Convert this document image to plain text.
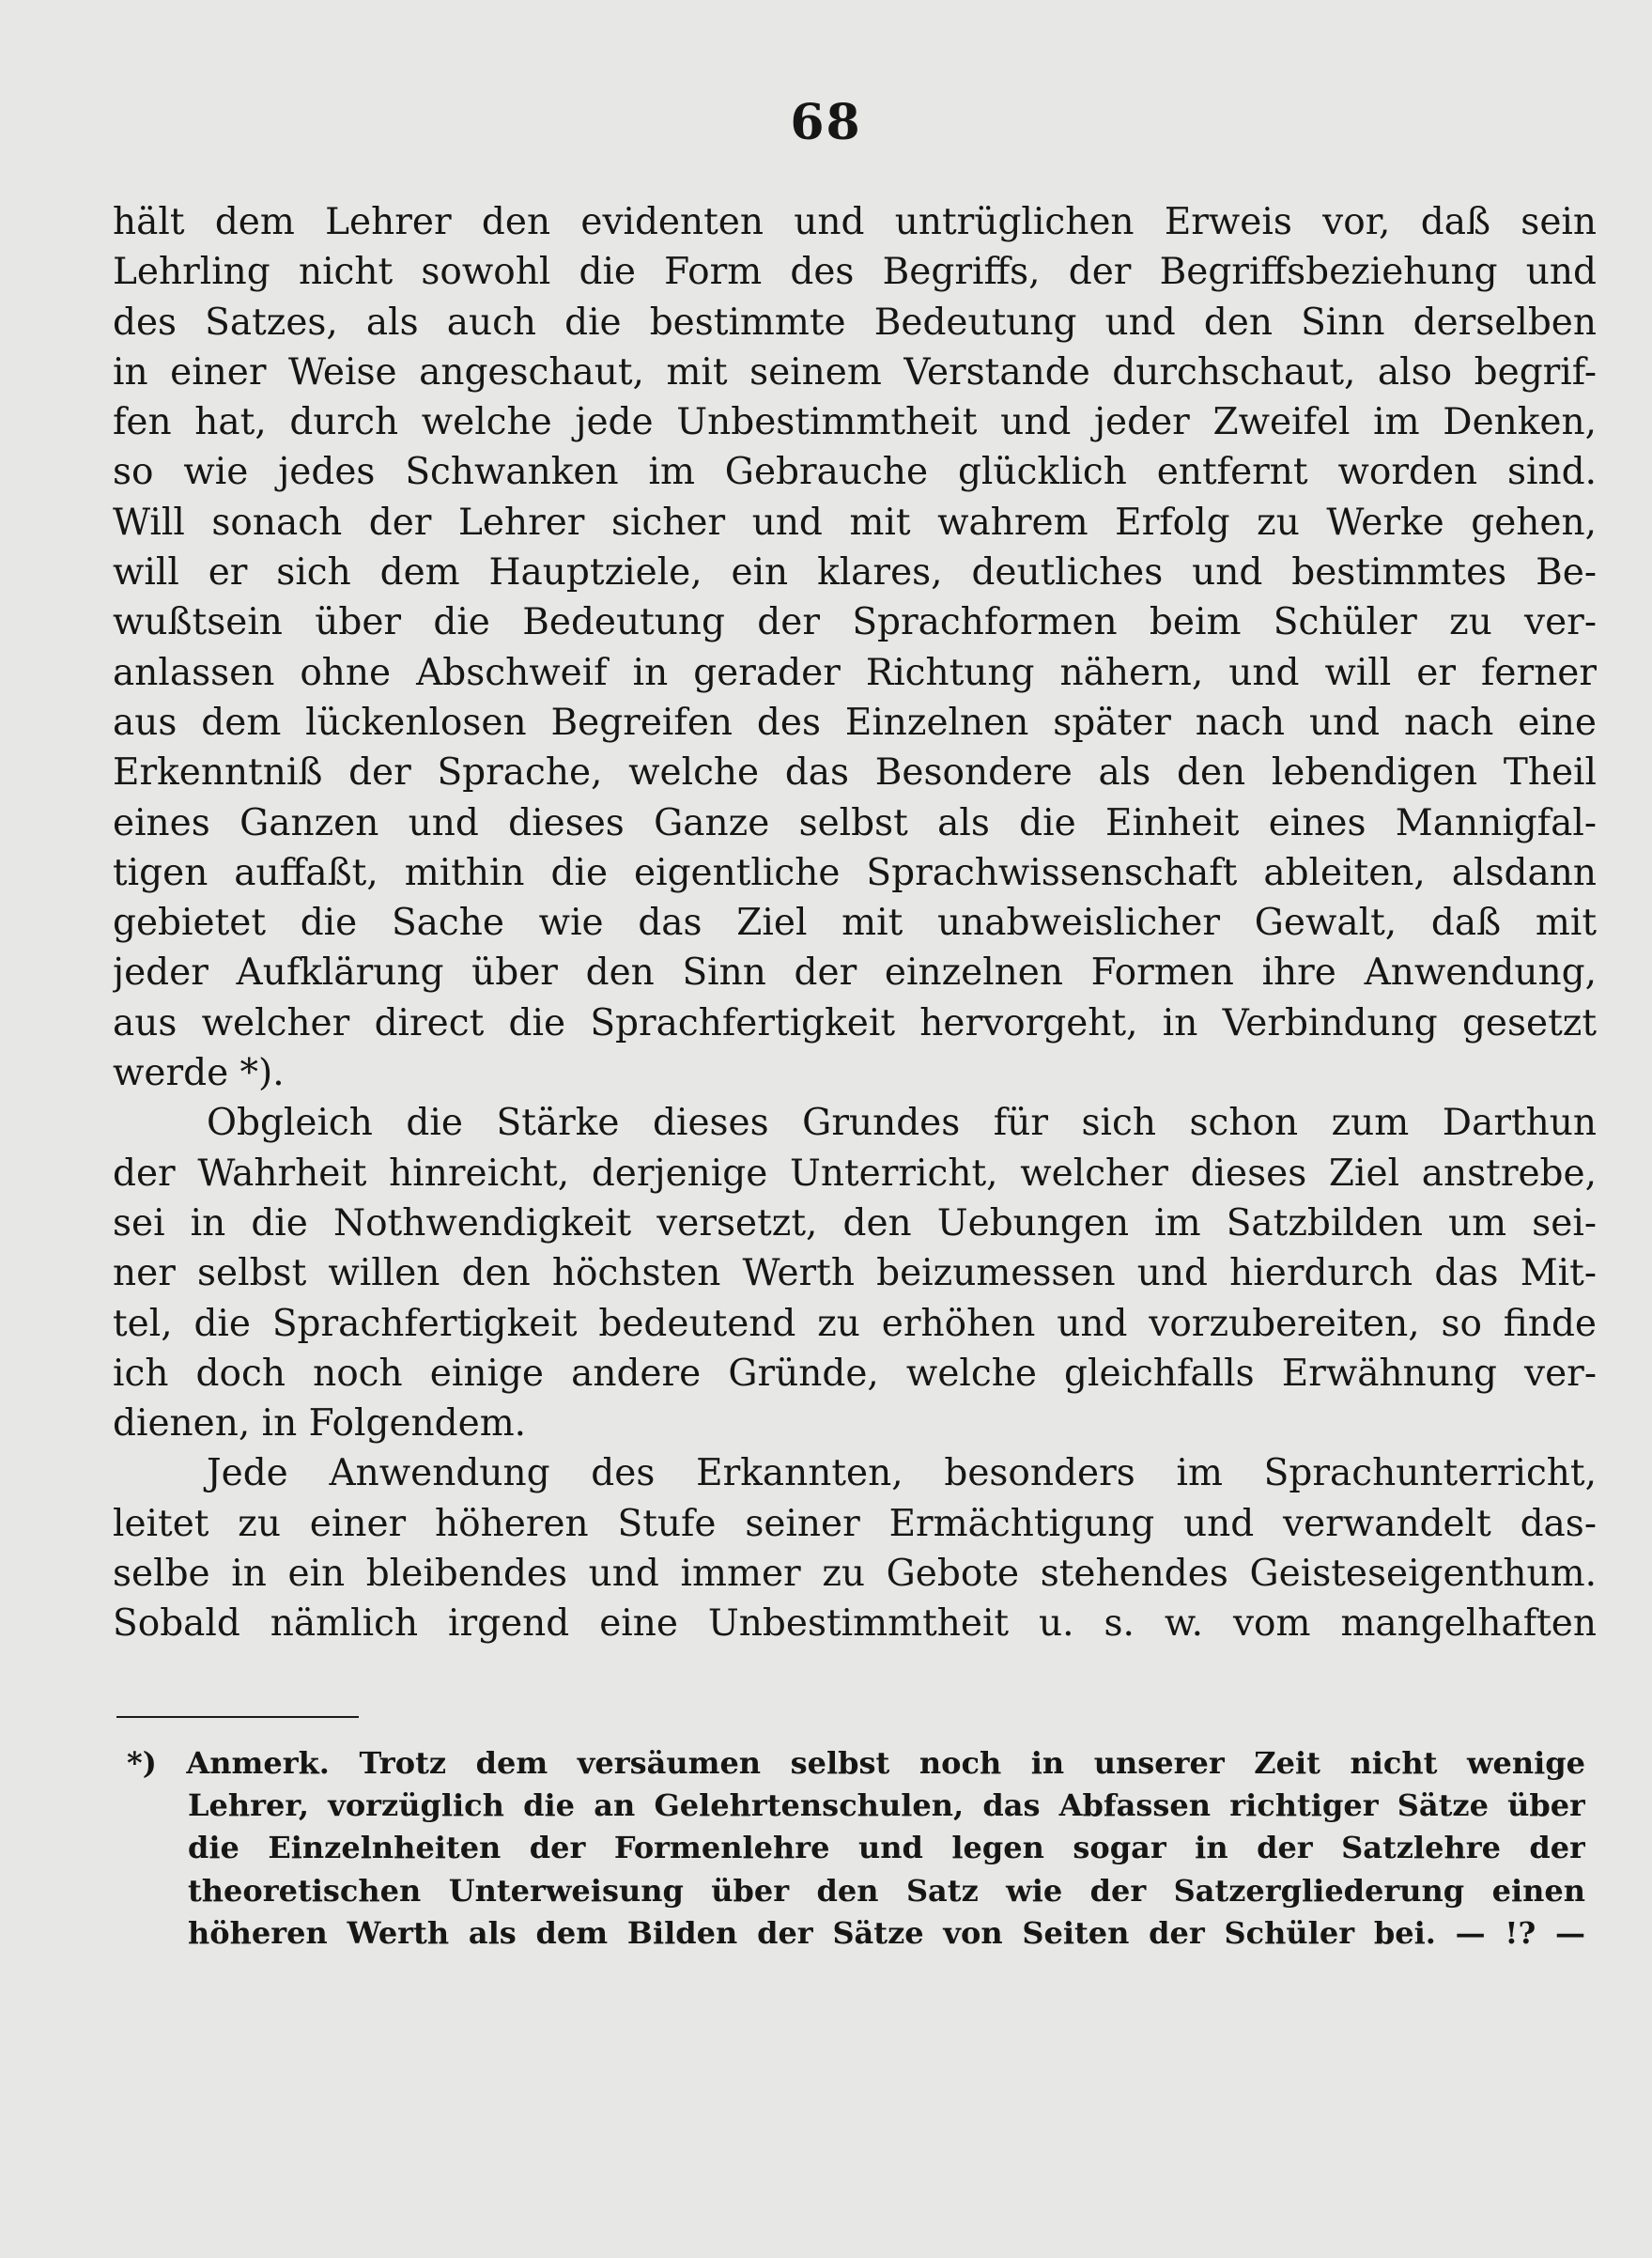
68
hält dem Lehrer den evidenten und untrüglichen Erweis vor, daß sein
Lehrling nicht sowohl die Form des Begriffs, der Begriffsbeziehung und
des Satzes, als auch die bestimmte Bedeutung und den Sinn derselben
in einer Weise angeschaut, mit seinem Verstande durchschaut, also begrif-
fen hat, durch welche jede Unbestimmtheit und jeder Zweifel im Denken,
so wie jedes Schwanken im Gebrauche glücklich entfernt worden sind.
Will sonach der Lehrer sicher und mit wahrem Erfolg zu Werke gehen,
will er sich dem Hauptziele, ein klares, deutliches und bestimmtes Be-
wußtsein über die Bedeutung der Sprachformen beim Schüler zu ver-
anlassen ohne Abschweif in gerader Richtung nähern, und will er ferner
aus dem lückenlosen Begreifen des Einzelnen später nach und nach eine
Erkenntniß der Sprache, welche das Besondere als den lebendigen Theil
eines Ganzen und dieses Ganze selbst als die Einheit eines Mannigfal-
tigen auffaßt, mithin die eigentliche Sprachwissenschaft ableiten, alsdann
gebietet die Sache wie das Ziel mit unabweislicher Gewalt, daß mit
jeder Aufklärung über den Sinn der einzelnen Formen ihre Anwendung,
aus welcher direct die Sprachfertigkeit hervorgeht, in Verbindung gesetzt
werde *).
Obgleich die Stärke dieses Grundes für sich schon zum Darthun
der Wahrheit hinreicht, derjenige Unterricht, welcher dieses Ziel anstrebe,
sei in die Nothwendigkeit versetzt, den Uebungen im Satzbilden um sei-
ner selbst willen den höchsten Werth beizumessen und hierdurch das Mit-
tel, die Sprachfertigkeit bedeutend zu erhöhen und vorzubereiten, so finde
ich doch noch einige andere Gründe, welche gleichfalls Erwähnung ver-
dienen, in Folgendem.
Jede Anwendung des Erkannten, besonders im Sprachunterricht,
leitet zu einer höheren Stufe seiner Ermächtigung und verwandelt das-
selbe in ein bleibendes und immer zu Gebote stehendes Geisteseigenthum.
Sobald nämlich irgend eine Unbestimmtheit u. s. w. vom mangelhaften
*) Anmerk. Trotz dem versäumen selbst noch in unserer Zeit nicht wenige
Lehrer, vorzüglich die an Gelehrtenschulen, das Abfassen richtiger Sätze über
die Einzelnheiten der Formenlehre und legen sogar in der Satzlehre der
theoretischen Unterweisung über den Satz wie der Satzergliederung einen
höheren Werth als dem Bilden der Sätze von Seiten der Schüler bei. — !? —
